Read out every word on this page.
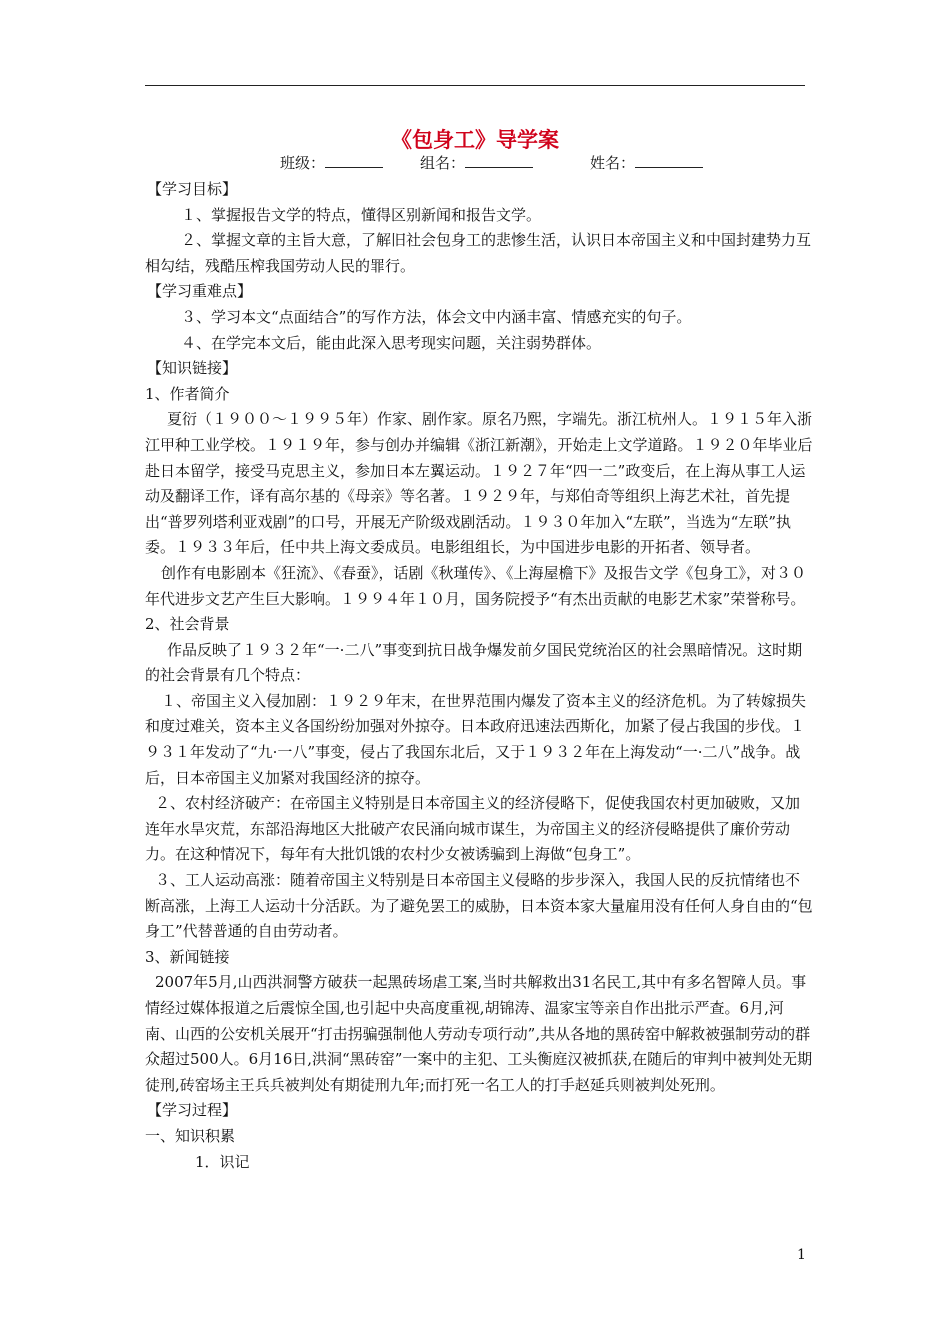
《包身工》导学案
班级：	组名：	姓名：

【学习目标】

１、掌握报告文学的特点，懂得区别新闻和报告文学。

２、掌握文章的主旨大意，了解旧社会包身工的悲惨生活，认识日本帝国主义和中国封建势力互相勾结，残酷压榨我国劳动人民的罪行。

【学习重难点】

３、学习本文“点面结合”的写作方法，体会文中内涵丰富、情感充实的句子。

４、在学完本文后，能由此深入思考现实问题，关注弱势群体。

【知识链接】

1、作者简介

夏衍（１９００～１９９５年）作家、剧作家。原名乃熙，字端先。浙江杭州人。１９１５年入浙江甲种工业学校。１９１９年，参与创办并编辑《浙江新潮》，开始走上文学道路。１９２０年毕业后赴日本留学，接受马克思主义，参加日本左翼运动。１９２７年“四一二”政变后，在上海从事工人运动及翻译工作，译有高尔基的《母亲》等名著。１９２９年，与郑伯奇等组织上海艺术社，首先提出“普罗列塔利亚戏剧”的口号，开展无产阶级戏剧活动。１９３０年加入“左联”，当选为“左联”执委。１９３３年后，任中共上海文委成员。电影组组长，为中国进步电影的开拓者、领导者。

创作有电影剧本《狂流》、《春蚕》，话剧《秋瑾传》、《上海屋檐下》及报告文学《包身工》，对３０年代进步文艺产生巨大影响。１９９４年１０月，国务院授予“有杰出贡献的电影艺术家”荣誉称号。

2、社会背景

作品反映了１９３２年“一·二八”事变到抗日战争爆发前夕国民党统治区的社会黑暗情况。这时期的社会背景有几个特点：

１、帝国主义入侵加剧：１９２９年末，在世界范围内爆发了资本主义的经济危机。为了转嫁损失和度过难关，资本主义各国纷纷加强对外掠夺。日本政府迅速法西斯化，加紧了侵占我国的步伐。１９３１年发动了“九·一八”事变，侵占了我国东北后，又于１９３２年在上海发动“一·二八”战争。战后，日本帝国主义加紧对我国经济的掠夺。

２、农村经济破产：在帝国主义特别是日本帝国主义的经济侵略下，促使我国农村更加破败，又加连年水旱灾荒，东部沿海地区大批破产农民涌向城市谋生，为帝国主义的经济侵略提供了廉价劳动力。在这种情况下，每年有大批饥饿的农村少女被诱骗到上海做“包身工”。

３、工人运动高涨：随着帝国主义特别是日本帝国主义侵略的步步深入，我国人民的反抗情绪也不断高涨，上海工人运动十分活跃。为了避免罢工的威胁，日本资本家大量雇用没有任何人身自由的“包身工”代替普通的自由劳动者。

3、新闻链接

2007年5月,山西洪洞警方破获一起黑砖场虐工案,当时共解救出31名民工,其中有多名智障人员。事情经过媒体报道之后震惊全国,也引起中央高度重视,胡锦涛、温家宝等亲自作出批示严查。6月,河南、山西的公安机关展开“打击拐骗强制他人劳动专项行动”,共从各地的黑砖窑中解救被强制劳动的群众超过500人。6月16日,洪洞“黑砖窑”一案中的主犯、工头衡庭汉被抓获,在随后的审判中被判处无期徒刑,砖窑场主王兵兵被判处有期徒刑九年;而打死一名工人的打手赵延兵则被判处死刑。

【学习过程】

一、知识积累

1．识记

1
